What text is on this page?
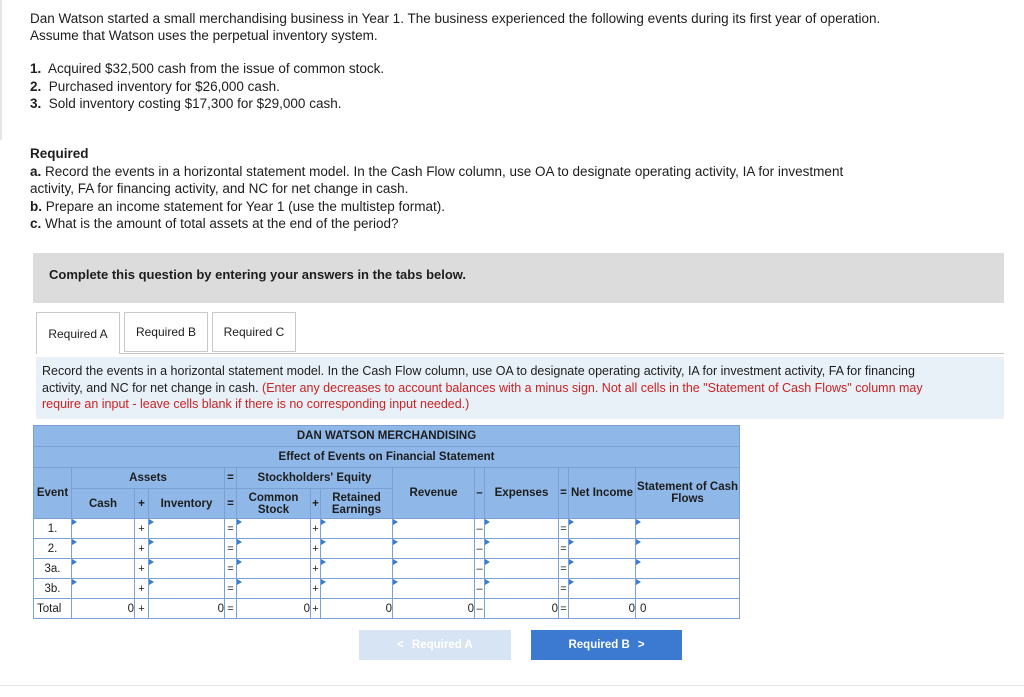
Dan Watson started a small merchandising business in Year 1. The business experienced the following events during its first year of operation. Assume that Watson uses the perpetual inventory system.
1. Acquired $32,500 cash from the issue of common stock.
2. Purchased inventory for $26,000 cash.
3. Sold inventory costing $17,300 for $29,000 cash.
Required
a. Record the events in a horizontal statement model. In the Cash Flow column, use OA to designate operating activity, IA for investment activity, FA for financing activity, and NC for net change in cash.
b. Prepare an income statement for Year 1 (use the multistep format).
c. What is the amount of total assets at the end of the period?
Complete this question by entering your answers in the tabs below.
Required A	Required B	Required C
Record the events in a horizontal statement model. In the Cash Flow column, use OA to designate operating activity, IA for investment activity, FA for financing
activity, and NC for net change in cash. (Enter any decreases to account balances with a minus sign. Not all cells in the "Statement of Cash Flows" column may
require an input - leave cells blank if there is no corresponding input needed.)
DAN WATSON MERCHANDISING													
Effect of Events on Financial Statement													
Event	Assets			=	Stockholders' Equity			Revenue	–	Expenses	=	Net Income	Statement of Cash Flows
	Cash	+	Inventory	=	Common Stock	+	Retained Earnings						
1.		+		=		+			–		=	

2.		+		=		+			–		=	

3a.		+		=		+			–		=	

3b.		+		=		+			–		=	

Total	0	+	0	=	0	+	0	0	–	0	=	0	0
< Required A	Required B >
